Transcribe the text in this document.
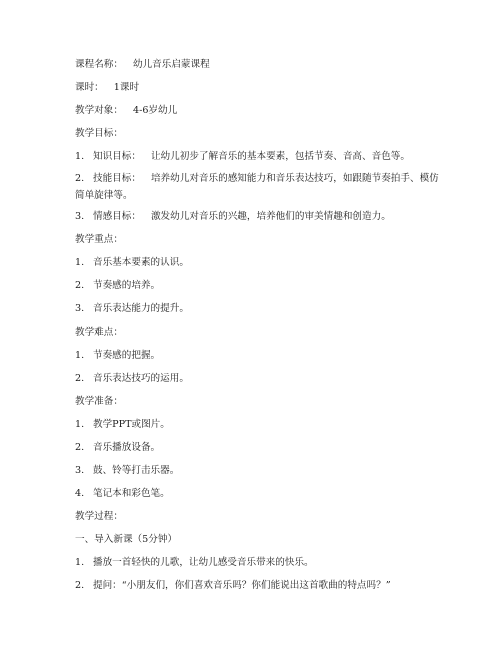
课程名称： 幼儿音乐启蒙课程
课时： 1课时
教学对象： 4-6岁幼儿
教学目标：
1. 知识目标： 让幼儿初步了解音乐的基本要素，包括节奏、音高、音色等。
2. 技能目标： 培养幼儿对音乐的感知能力和音乐表达技巧，如跟随节奏拍手、模仿简单旋律等。
3. 情感目标： 激发幼儿对音乐的兴趣，培养他们的审美情趣和创造力。
教学重点：
1. 音乐基本要素的认识。
2. 节奏感的培养。
3. 音乐表达能力的提升。
教学难点：
1. 节奏感的把握。
2. 音乐表达技巧的运用。
教学准备：
1. 教学PPT或图片。
2. 音乐播放设备。
3. 鼓、铃等打击乐器。
4. 笔记本和彩色笔。
教学过程：
一、导入新课（5分钟）
1. 播放一首轻快的儿歌，让幼儿感受音乐带来的快乐。
2. 提问：“小朋友们，你们喜欢音乐吗？你们能说出这首歌曲的特点吗？”
